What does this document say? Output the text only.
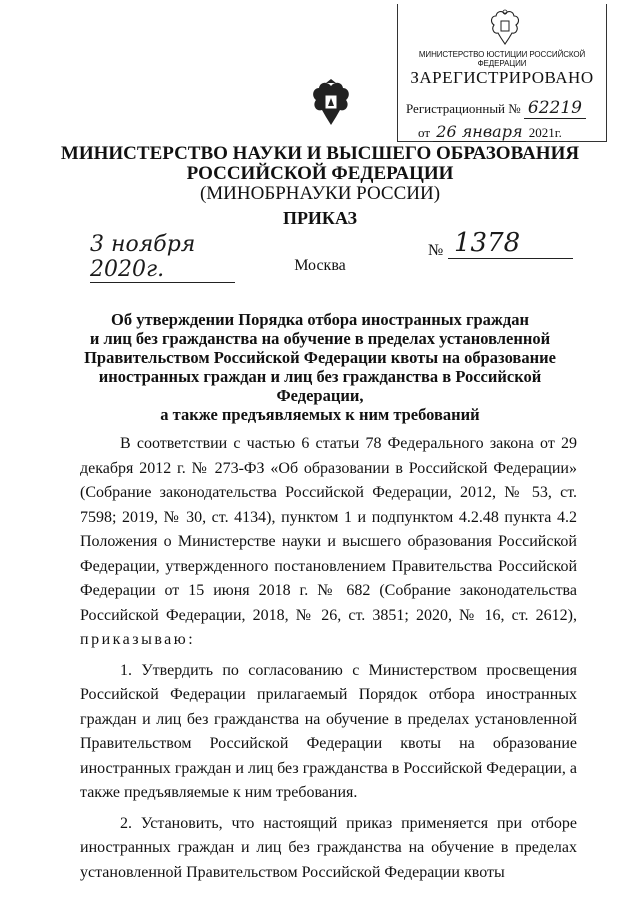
МИНИСТЕРСТВО ЮСТИЦИИ РОССИЙСКОЙ ФЕДЕРАЦИИ
ЗАРЕГИСТРИРОВАНО
Регистрационный № 62219
от 26 января 2021г.
МИНИСТЕРСТВО НАУКИ И ВЫСШЕГО ОБРАЗОВАНИЯ
РОССИЙСКОЙ ФЕДЕРАЦИИ
(МИНОБРНАУКИ РОССИИ)
ПРИКАЗ
3 ноября 2020г.
№ 1378
Москва
Об утверждении Порядка отбора иностранных граждан
и лиц без гражданства на обучение в пределах установленной
Правительством Российской Федерации квоты на образование
иностранных граждан и лиц без гражданства в Российской Федерации,
а также предъявляемых к ним требований

В соответствии с частью 6 статьи 78 Федерального закона от 29 декабря 2012 г. № 273-ФЗ «Об образовании в Российской Федерации» (Собрание законодательства Российской Федерации, 2012, № 53, ст. 7598; 2019, № 30, ст. 4134), пунктом 1 и подпунктом 4.2.48 пункта 4.2 Положения о Министерстве науки и высшего образования Российской Федерации, утвержденного постановлением Правительства Российской Федерации от 15 июня 2018 г. № 682 (Собрание законодательства Российской Федерации, 2018, № 26, ст. 3851; 2020, № 16, ст. 2612), приказываю:

1. Утвердить по согласованию с Министерством просвещения Российской Федерации прилагаемый Порядок отбора иностранных граждан и лиц без гражданства на обучение в пределах установленной Правительством Российской Федерации квоты на образование иностранных граждан и лиц без гражданства в Российской Федерации, а также предъявляемые к ним требования.

2. Установить, что настоящий приказ применяется при отборе иностранных граждан и лиц без гражданства на обучение в пределах установленной Правительством Российской Федерации квоты
